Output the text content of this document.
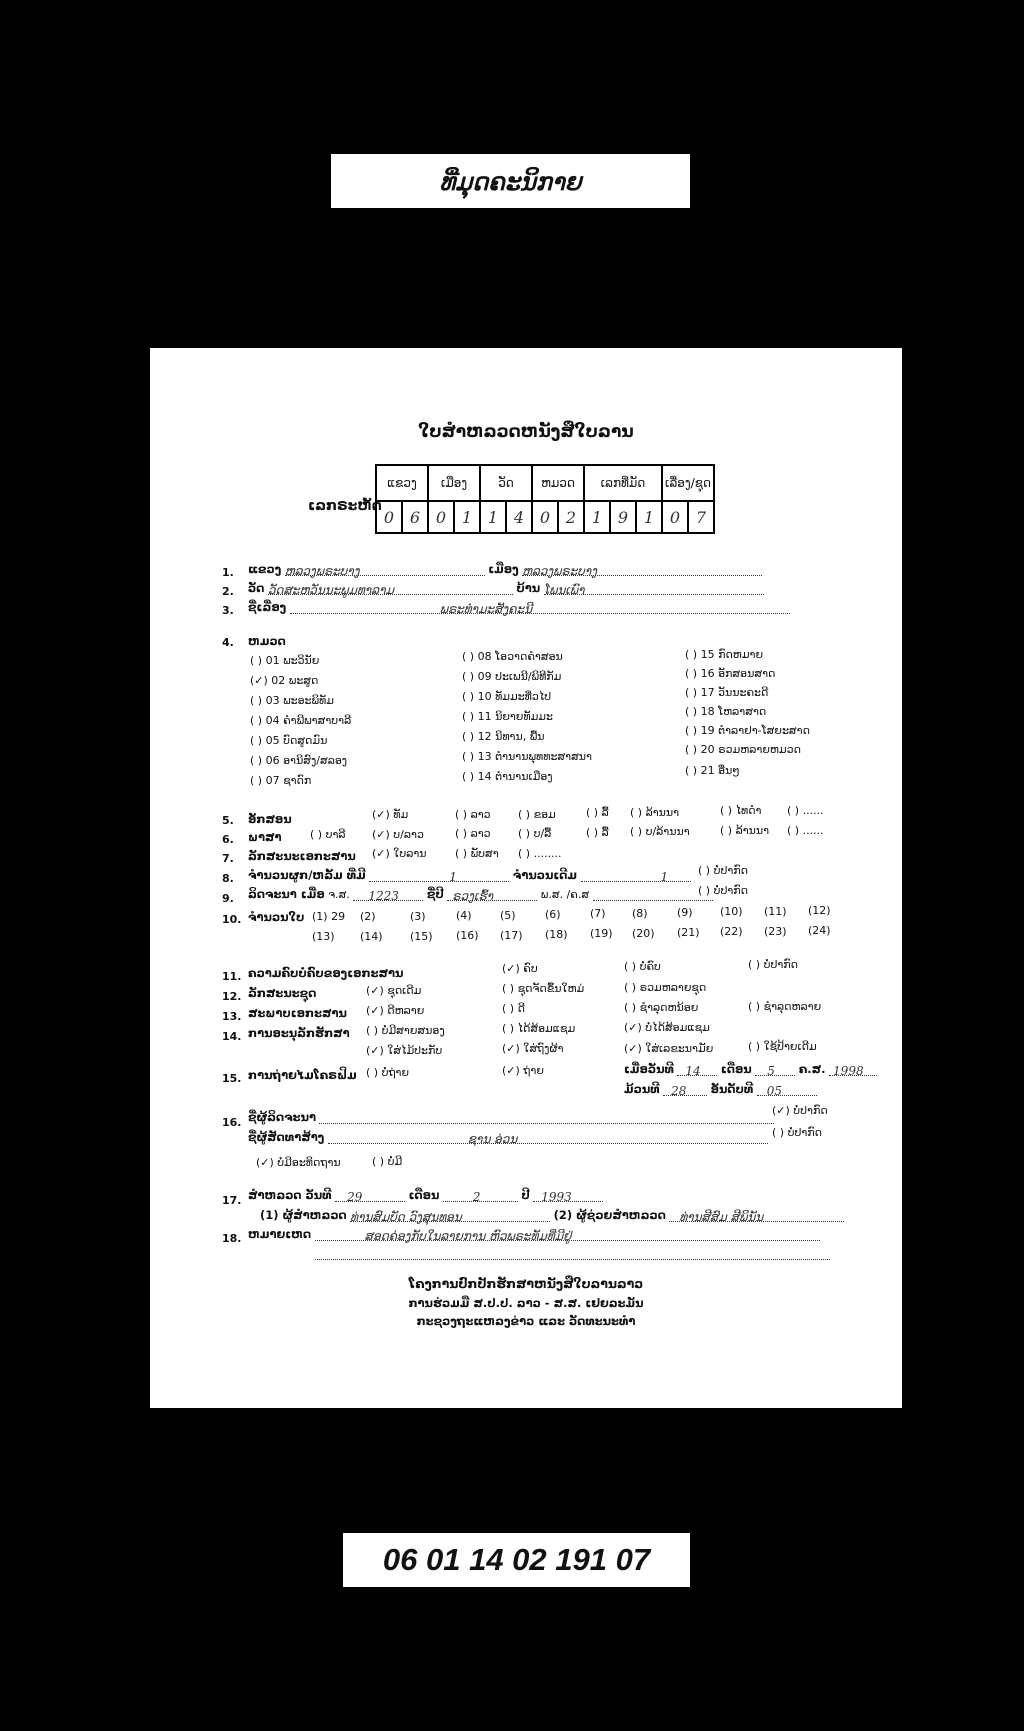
ທີ່ມຸດຄະນິກາຍ
ໃບສຳຫລວດຫນັງສືໃບລານ
ເລກຣະຫັດ
ແຂວງ		ເມືອງ		ວັດ		ຫມວດ		ເລກທີ່ມັດ			ເລື່ອງ/ຊຸດ	
0	6	0	1	1	4	0	2	1	9	1	0	7
1. ແຂວງ ຫລວງພຣະບາງ	ເມືອງ ຫລວງພຣະບາງ
2. ວັດ ວັດສະຫວັນນະພູມທາລາມ	ບ້ານ ໂພນເພົາ
3. ຊື່ເລື່ອງ	ພຣະທຳມະສັງຄະນີ
4. ຫມວດ
( ) 01 ພະວິນັຍ
(✓) 02 ພະສູດ
( ) 03 ພະອະພິທັມ
( ) 04 ຄຳພີພາສາບາລີ
( ) 05 ບົດສູດມົນ
( ) 06 ອານິສົງ/ສລອງ
( ) 07 ຊາດົກ
( ) 08 ໂອວາດຄຳສອນ
( ) 09 ປະເພນີ/ພິທີກັມ
( ) 10 ທັມມະທີ່ວໄປ
( ) 11 ນິຍາຍທັມມະ
( ) 12 ນິທານ, ພື້ນ
( ) 13 ຕຳນານພຸທທະສາສນາ
( ) 14 ຕຳນານເມືອງ
( ) 15 ກົດຫມາຍ
( ) 16 ອັກສອນສາດ
( ) 17 ວັນນະຄະດີ
( ) 18 ໂຫລາສາດ
( ) 19 ຕຳລາຢາ-ໂສຍະສາດ
( ) 20 ຣວມຫລາຍຫມວດ
( ) 21 ອື່ນໆ
5. ອັກສອນ	(✓) ທັມ	( ) ລາວ ( ) ຂອມ	( ) ລື້ ( ) ລ້ານນາ	( ) ໄທດຳ ( ) ......
6. ພາສາ	( ) ບາລີ (✓) ບ/ລາວ	( ) ລາວ ( ) ບ/ລື້	( ) ລື້ ( ) ບ/ລ້ານນາ	( ) ລ້ານນາ ( ) ......
7. ລັກສະນະເອກະສານ (✓) ໃບລານ	( ) ພັບສາ ( ) ........
8. ຈຳນວນຜູກ/ຫລັ້ມ ທີ່ມີ	1	ຈຳນວນເດີມ	1	( ) ບໍ່ປາກົດ
9. ລິດຈະນາ ເມື່ອ ຈ.ສ. 1223 ຊື່ປີ ຣວງເຮົ້າ	ພ.ສ. /ຄ.ສ	( ) ບໍ່ປາກົດ
10. ຈຳນວນໃບ (1) 29 (2)	(3)	(4)	(5)	(6)	(7) (8)	(9) (10) (11) (12)
(13) (14) (15) (16) (17) (18) (19) (20) (21) (22) (23) (24)
11. ຄວາມຄົບບໍ່ຄົບຂອງເອກະສານ	(✓) ຄົບ	( ) ບໍ່ຄົບ	( ) ບໍ່ປາກົດ
12. ລັກສະນະຊຸດ	(✓) ຊຸດເດີມ	( ) ຊຸດຈັດຂຶ້ນໃຫມ່	( ) ຣວມຫລາຍຊຸດ
13. ສະພາບເອກະສານ (✓) ດີຫລາຍ	( ) ດີ	( ) ຊຳລຸດຫນ້ອຍ	( ) ຊຳລຸດຫລາຍ
14. ການອະນຸລັກຮັກສາ ( ) ບໍ່ມີສາຍສນອງ	( ) ໄດ້ສ້ອມແຊມ	(✓) ບໍ່ໄດ້ສ້ອມແຊມ
(✓) ໃສ່ໄມ້ປະກັບ	(✓) ໃສ່ຖົງຜ້າ	(✓) ໃສ່ເລຂະນາມັຍ	( ) ໃຊ້ປ້າຍເດີມ
15. ການຖ່າຍໄມໂຄຣຟິມ ( ) ບໍ່ຖ່າຍ	(✓) ຖ່າຍ	ເມື່ອວັນທີ 14 ເດືອນ 5 ຄ.ສ. 1998
ມ້ວນທີ 28 ອັນດັບທີ 05
16. ຊື່ຜູ້ລິດຈະນາ	(✓) ບໍ່ປາກົດ
ຊື່ຜູ້ສັດທາສ້າງ	ຊານ ອ່ວນ	( ) ບໍ່ປາກົດ
(✓) ບໍ່ມີອະທິດຖານ	( ) ບໍ່ມີ
17. ສຳຫລວດ ວັນທີ 29	ເດືອນ	2	ປີ 1993
(1) ຜູ້ສຳຫລວດ ທ່ານສົມບັດ ວົງສຸນທອນ	(2) ຜູ້ຊ່ວຍສຳຫລວດ ທ່ານສີສົມ ສີພິນັນ
18. ຫມາຍເຫດ	ສອດຄ່ອງກັບໃນລາຍການ ຫົວພຣະທັມທີ່ມີຢູ່
ໂຄງການປົກປັກຮັກສາຫນັງສືໃບລານລາວ
ການຮ່ວມມື ສ.ປ.ປ. ລາວ - ສ.ສ. ເຢຍລະມັນ
ກະຊວງຖະແຫລງຂ່າວ ແລະ ວັດທະນະທຳ
06 01 14 02 191 07
